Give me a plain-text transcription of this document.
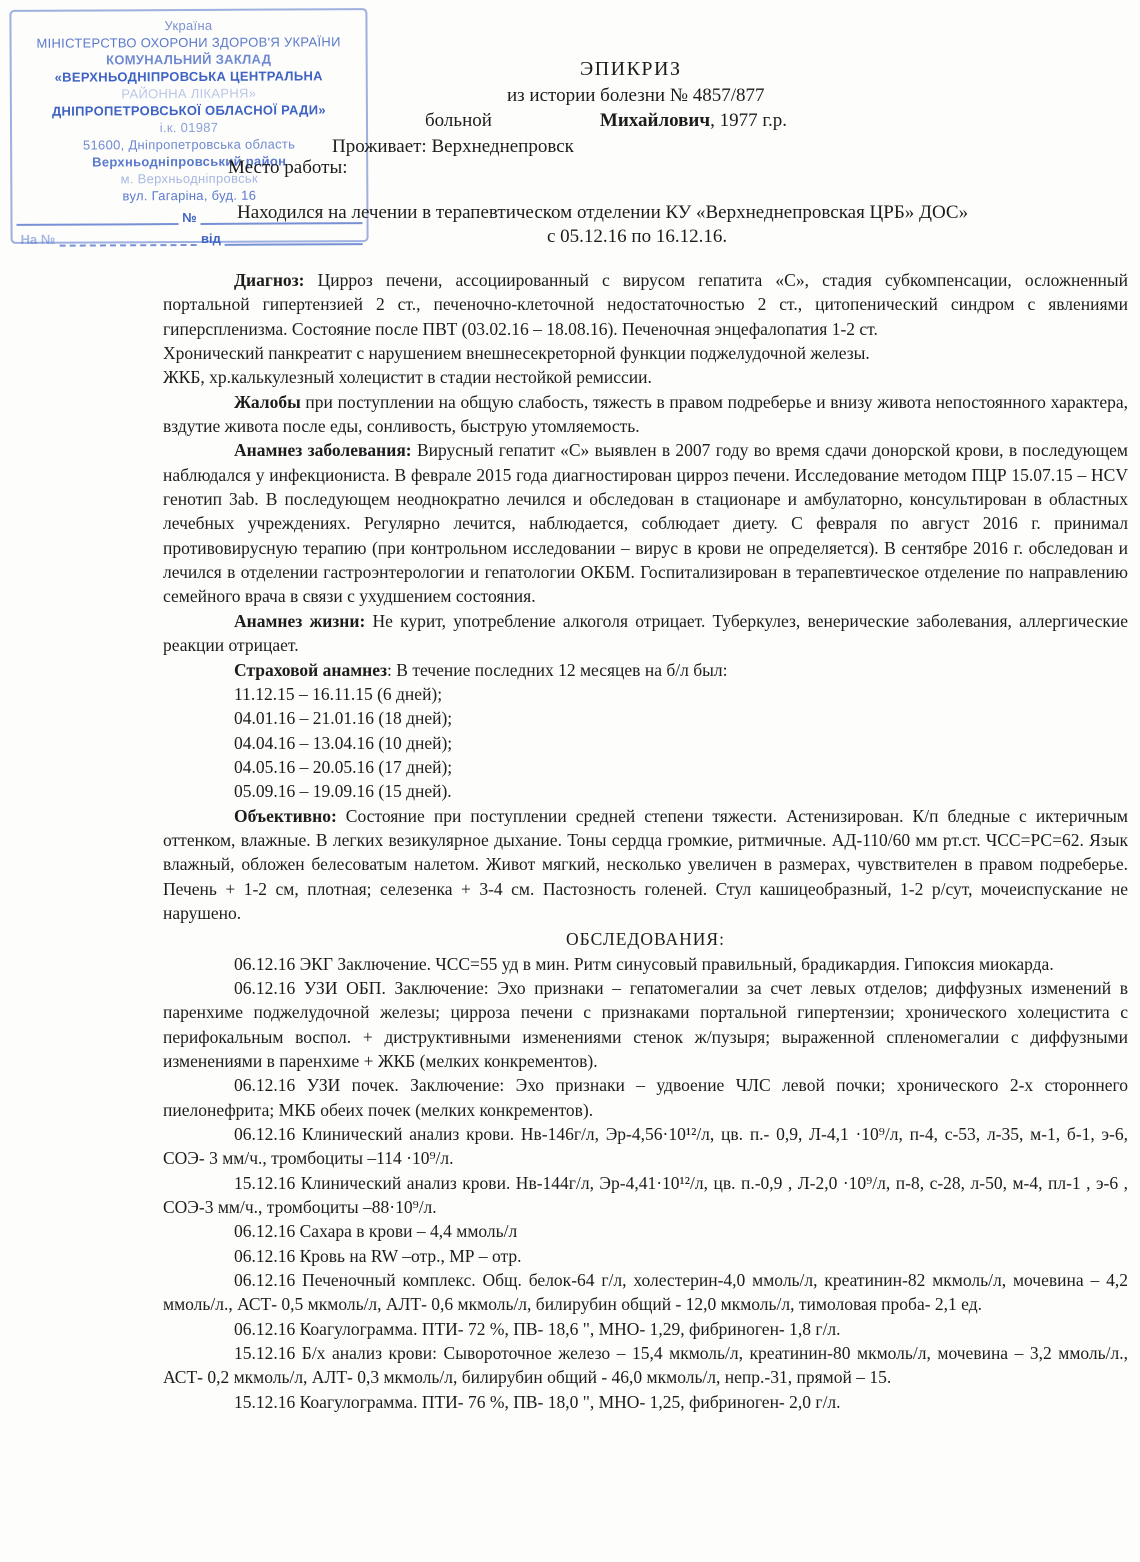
Україна
МІНІСТЕРСТВО ОХОРОНИ ЗДОРОВ'Я УКРАЇНИ
КОМУНАЛЬНИЙ ЗАКЛАД
«ВЕРХНЬОДНІПРОВСЬКА ЦЕНТРАЛЬНА
РАЙОННА ЛІКАРНЯ»
ДНІПРОПЕТРОВСЬКОЇ ОБЛАСНОЇ РАДИ»
і.к. 01987
51600, Дніпропетровська область
Верхньодніпровський район
м. Верхньодніпровськ
вул. Гагаріна, буд. 16
№
На №	від
ЭПИКРИЗ
из истории болезни № 4857/877
больной	Михайлович, 1977 г.р.
Проживает: Верхнеднепровск
Место работы:
Находился на лечении в терапевтическом отделении КУ «Верхнеднепровская ЦРБ» ДОС»
с 05.12.16 по 16.12.16.

Диагноз: Цирроз печени, ассоциированный с вирусом гепатита «С», стадия субкомпенсации, осложненный портальной гипертензией 2 ст., печеночно-клеточной недостаточностью 2 ст., цитопенический синдром с явлениями гиперспленизма. Состояние после ПВТ (03.02.16 – 18.08.16). Печеночная энцефалопатия 1-2 ст.

Хронический панкреатит с нарушением внешнесекреторной функции поджелудочной железы.

ЖКБ, хр.калькулезный холецистит в стадии нестойкой ремиссии.

Жалобы при поступлении на общую слабость, тяжесть в правом подреберье и внизу живота непостоянного характера, вздутие живота после еды, сонливость, быструю утомляемость.

Анамнез заболевания: Вирусный гепатит «С» выявлен в 2007 году во время сдачи донорской крови, в последующем наблюдался у инфекциониста. В феврале 2015 года диагностирован цирроз печени. Исследование методом ПЦР 15.07.15 – HCV генотип 3ab. В последующем неоднократно лечился и обследован в стационаре и амбулаторно, консультирован в областных лечебных учреждениях. Регулярно лечится, наблюдается, соблюдает диету. С февраля по август 2016 г. принимал противовирусную терапию (при контрольном исследовании – вирус в крови не определяется). В сентябре 2016 г. обследован и лечился в отделении гастроэнтерологии и гепатологии ОКБМ. Госпитализирован в терапевтическое отделение по направлению семейного врача в связи с ухудшением состояния.

Анамнез жизни: Не курит, употребление алкоголя отрицает. Туберкулез, венерические заболевания, аллергические реакции отрицает.

Страховой анамнез: В течение последних 12 месяцев на б/л был:

11.12.15 – 16.11.15 (6 дней);

04.01.16 – 21.01.16 (18 дней);

04.04.16 – 13.04.16 (10 дней);

04.05.16 – 20.05.16 (17 дней);

05.09.16 – 19.09.16 (15 дней).

Объективно: Состояние при поступлении средней степени тяжести. Астенизирован. К/п бледные с иктеричным оттенком, влажные. В легких везикулярное дыхание. Тоны сердца громкие, ритмичные. АД-110/60 мм рт.ст. ЧСС=РС=62. Язык влажный, обложен белесоватым налетом. Живот мягкий, несколько увеличен в размерах, чувствителен в правом подреберье. Печень + 1-2 см, плотная; селезенка + 3-4 см. Пастозность голеней. Стул кашицеобразный, 1-2 р/сут, мочеиспускание не нарушено.

ОБСЛЕДОВАНИЯ:

06.12.16 ЭКГ Заключение. ЧСС=55 уд в мин. Ритм синусовый правильный, брадикардия. Гипоксия миокарда.

06.12.16 УЗИ ОБП. Заключение: Эхо признаки – гепатомегалии за счет левых отделов; диффузных изменений в паренхиме поджелудочной железы; цирроза печени с признаками портальной гипертензии; хронического холецистита с перифокальным воспол. + диструктивными изменениями стенок ж/пузыря; выраженной спленомегалии с диффузными изменениями в паренхиме + ЖКБ (мелких конкрементов).

06.12.16 УЗИ почек. Заключение: Эхо признаки – удвоение ЧЛС левой почки; хронического 2-х стороннего пиелонефрита; МКБ обеих почек (мелких конкрементов).

06.12.16 Клинический анализ крови. Нв-146г/л, Эр-4,56·10¹²/л, цв. п.- 0,9, Л-4,1 ·10⁹/л, п-4, с-53, л-35, м-1, б-1, э-6, СОЭ- 3 мм/ч., тромбоциты –114 ·10⁹/л.

15.12.16 Клинический анализ крови. Нв-144г/л, Эр-4,41·10¹²/л, цв. п.-0,9 , Л-2,0 ·10⁹/л, п-8, с-28, л-50, м-4, пл-1 , э-6 , СОЭ-3 мм/ч., тромбоциты –88·10⁹/л.

06.12.16 Сахара в крови – 4,4 ммоль/л

06.12.16 Кровь на RW –отр., МР – отр.

06.12.16 Печеночный комплекс. Общ. белок-64 г/л, холестерин-4,0 ммоль/л, креатинин-82 мкмоль/л, мочевина – 4,2 ммоль/л., АСТ- 0,5 мкмоль/л, АЛТ- 0,6 мкмоль/л, билирубин общий - 12,0 мкмоль/л, тимоловая проба- 2,1 ед.

06.12.16 Коагулограмма. ПТИ- 72 %, ПВ- 18,6 ", МНО- 1,29, фибриноген- 1,8 г/л.

15.12.16 Б/х анализ крови: Сывороточное железо – 15,4 мкмоль/л, креатинин-80 мкмоль/л, мочевина – 3,2 ммоль/л., АСТ- 0,2 мкмоль/л, АЛТ- 0,3 мкмоль/л, билирубин общий - 46,0 мкмоль/л, непр.-31, прямой – 15.

15.12.16 Коагулограмма. ПТИ- 76 %, ПВ- 18,0 ", МНО- 1,25, фибриноген- 2,0 г/л.
